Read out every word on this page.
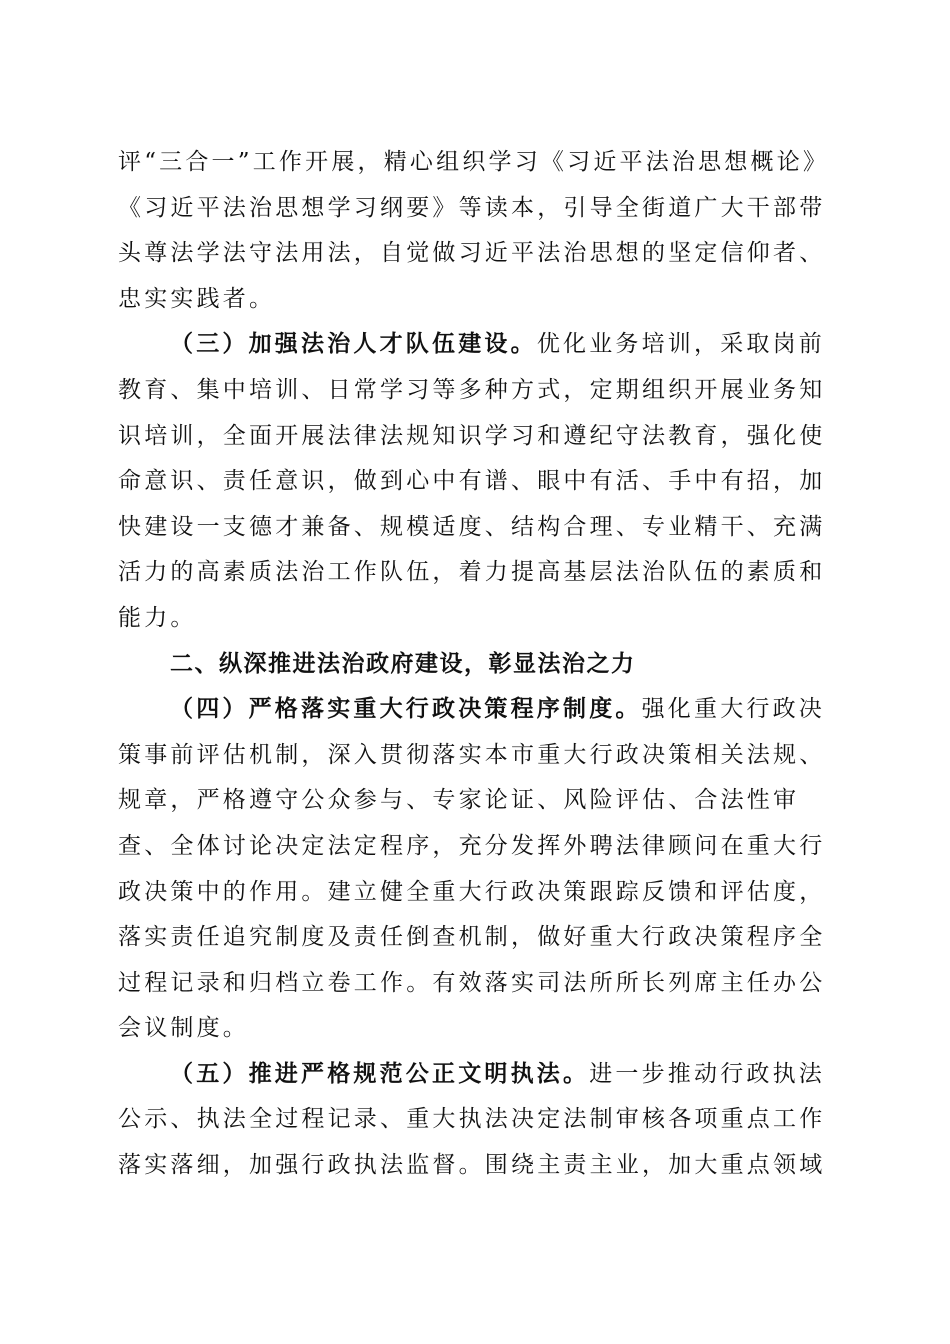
评“三合一”工作开展，精心组织学习《习近平法治思想概论》《习近平法治思想学习纲要》等读本，引导全街道广大干部带头尊法学法守法用法，自觉做习近平法治思想的坚定信仰者、忠实实践者。

（三）加强法治人才队伍建设。优化业务培训，采取岗前教育、集中培训、日常学习等多种方式，定期组织开展业务知识培训，全面开展法律法规知识学习和遵纪守法教育，强化使命意识、责任意识，做到心中有谱、眼中有活、手中有招，加快建设一支德才兼备、规模适度、结构合理、专业精干、充满活力的高素质法治工作队伍，着力提高基层法治队伍的素质和能力。

二、纵深推进法治政府建设，彰显法治之力

（四）严格落实重大行政决策程序制度。强化重大行政决策事前评估机制，深入贯彻落实本市重大行政决策相关法规、规章，严格遵守公众参与、专家论证、风险评估、合法性审查、全体讨论决定法定程序，充分发挥外聘法律顾问在重大行政决策中的作用。建立健全重大行政决策跟踪反馈和评估度，落实责任追究制度及责任倒查机制，做好重大行政决策程序全过程记录和归档立卷工作。有效落实司法所所长列席主任办公会议制度。

（五）推进严格规范公正文明执法。进一步推动行政执法公示、执法全过程记录、重大执法决定法制审核各项重点工作落实落细，加强行政执法监督。围绕主责主业，加大重点领域
